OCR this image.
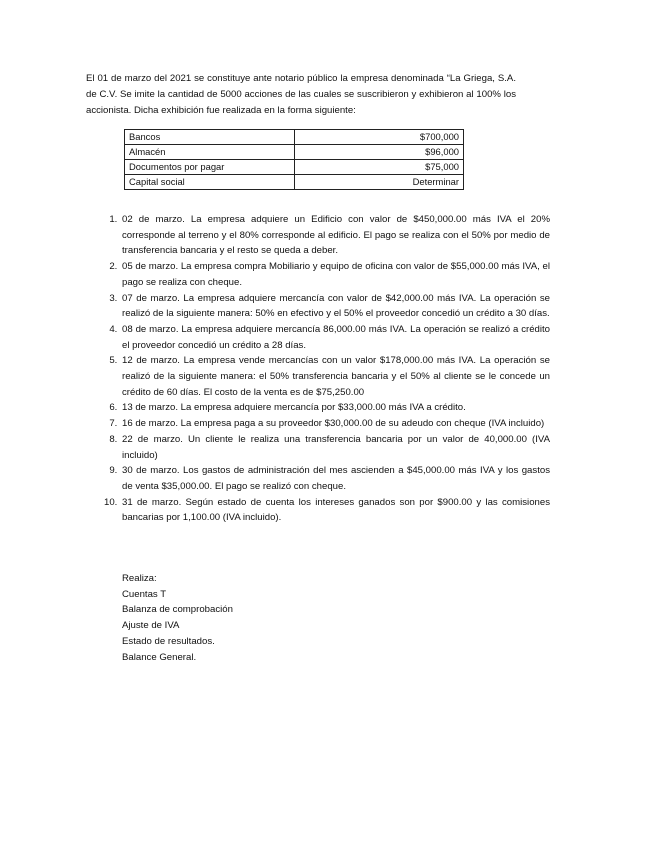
El 01 de marzo del 2021 se constituye ante notario público la empresa denominada “La Griega, S.A. de C.V. Se imite la cantidad de 5000 acciones de las cuales se suscribieron y exhibieron al 100% los accionista. Dicha exhibición fue realizada en la forma siguiente:

Bancos	$700,000
Almacén	$96,000
Documentos por pagar	$75,000
Capital social	Determinar
1. 02 de marzo. La empresa adquiere un Edificio con valor de $450,000.00 más IVA el 20% corresponde al terreno y el 80% corresponde al edificio. El pago se realiza con el 50% por medio de transferencia bancaria y el resto se queda a deber.
2. 05 de marzo. La empresa compra Mobiliario y equipo de oficina con valor de $55,000.00 más IVA, el pago se realiza con cheque.
3. 07 de marzo. La empresa adquiere mercancía con valor de $42,000.00 más IVA. La operación se realizó de la siguiente manera: 50% en efectivo y el 50% el proveedor concedió un crédito a 30 días.
4. 08 de marzo. La empresa adquiere mercancía 86,000.00 más IVA. La operación se realizó a crédito el proveedor concedió un crédito a 28 días.
5. 12 de marzo. La empresa vende mercancías con un valor $178,000.00 más IVA. La operación se realizó de la siguiente manera: el 50% transferencia bancaria y el 50% al cliente se le concede un crédito de 60 días. El costo de la venta es de $75,250.00
6. 13 de marzo. La empresa adquiere mercancía por $33,000.00 más IVA a crédito.
7. 16 de marzo. La empresa paga a su proveedor $30,000.00 de su adeudo con cheque (IVA incluido)
8. 22 de marzo. Un cliente le realiza una transferencia bancaria por un valor de 40,000.00 (IVA incluido)
9. 30 de marzo. Los gastos de administración del mes ascienden a $45,000.00 más IVA y los gastos de venta $35,000.00. El pago se realizó con cheque.
10. 31 de marzo. Según estado de cuenta los intereses ganados son por $900.00 y las comisiones bancarias por 1,100.00 (IVA incluido).
Realiza:
Cuentas T
Balanza de comprobación
Ajuste de IVA
Estado de resultados.
Balance General.
